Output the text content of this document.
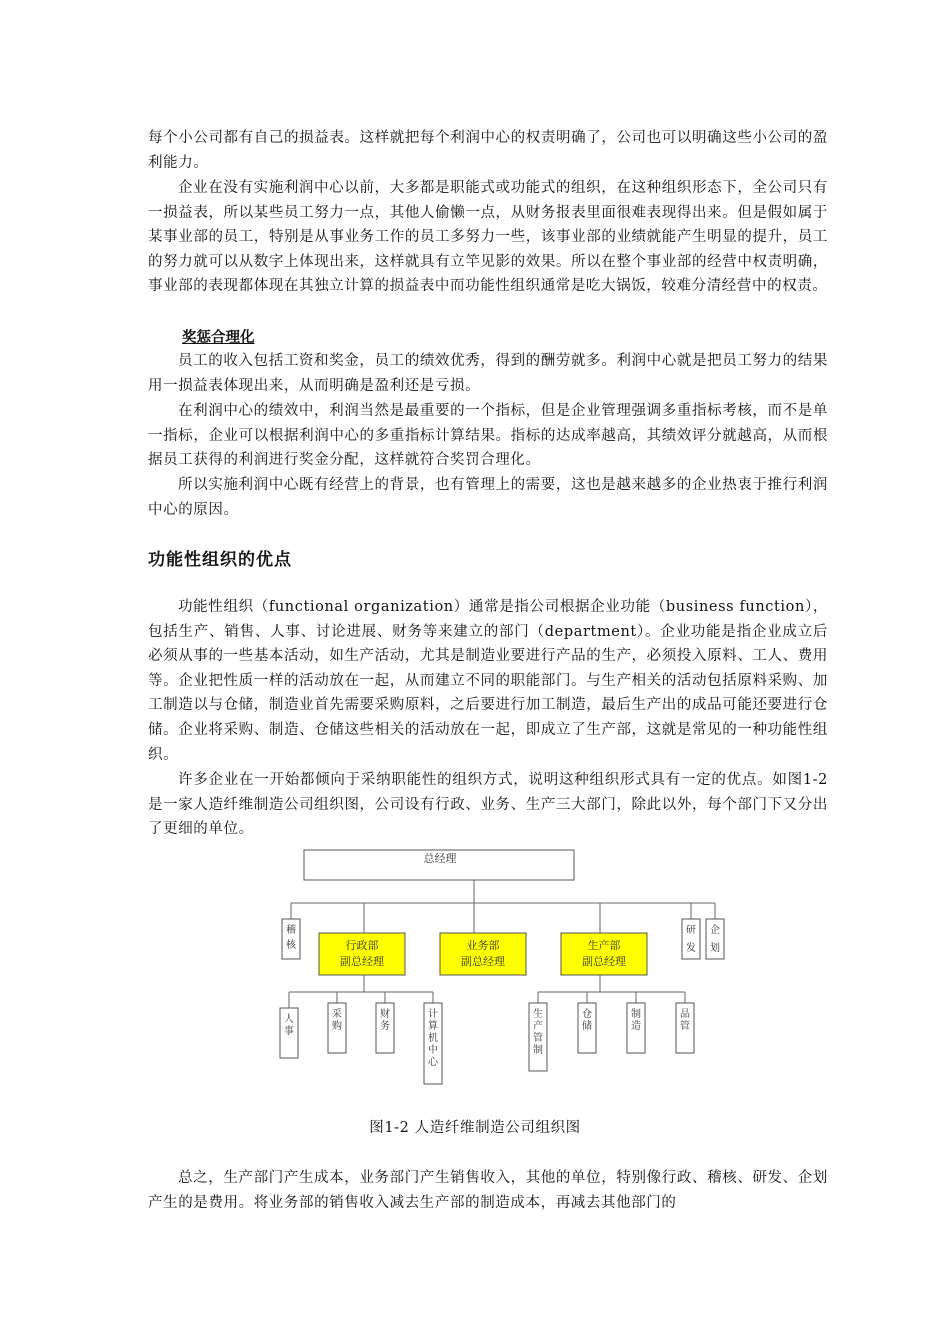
每个小公司都有自己的损益表。这样就把每个利润中心的权责明确了，公司也可以明确这些小公司的盈利能力。

企业在没有实施利润中心以前，大多都是职能式或功能式的组织，在这种组织形态下，全公司只有一损益表，所以某些员工努力一点，其他人偷懒一点，从财务报表里面很难表现得出来。但是假如属于某事业部的员工，特别是从事业务工作的员工多努力一些，该事业部的业绩就能产生明显的提升，员工的努力就可以从数字上体现出来，这样就具有立竿见影的效果。所以在整个事业部的经营中权责明确，事业部的表现都体现在其独立计算的损益表中而功能性组织通常是吃大锅饭，较难分清经营中的权责。

奖惩合理化

员工的收入包括工资和奖金，员工的绩效优秀，得到的酬劳就多。利润中心就是把员工努力的结果用一损益表体现出来，从而明确是盈利还是亏损。

在利润中心的绩效中，利润当然是最重要的一个指标，但是企业管理强调多重指标考核，而不是单一指标，企业可以根据利润中心的多重指标计算结果。指标的达成率越高，其绩效评分就越高，从而根据员工获得的利润进行奖金分配，这样就符合奖罚合理化。

所以实施利润中心既有经营上的背景，也有管理上的需要，这也是越来越多的企业热衷于推行利润中心的原因。

功能性组织的优点

功能性组织（functional organization）通常是指公司根据企业功能（business function），包括生产、销售、人事、讨论进展、财务等来建立的部门（department）。企业功能是指企业成立后必须从事的一些基本活动，如生产活动，尤其是制造业要进行产品的生产，必须投入原料、工人、费用等。企业把性质一样的活动放在一起，从而建立不同的职能部门。与生产相关的活动包括原料采购、加工制造以与仓储，制造业首先需要采购原料，之后要进行加工制造，最后生产出的成品可能还要进行仓储。企业将采购、制造、仓储这些相关的活动放在一起，即成立了生产部，这就是常见的一种功能性组织。

许多企业在一开始都倾向于采纳职能性的组织方式，说明这种组织形式具有一定的优点。如图1-2是一家人造纤维制造公司组织图，公司设有行政、业务、生产三大部门，除此以外，每个部门下又分出了更细的单位。

总经理
稽
核
研
发
企
划
行政部
副总经理
业务部
副总经理
生产部
副总经理
人事
采购
财务
计算机中心
生产管制
仓储
制造
品管
图1-2 人造纤维制造公司组织图

总之，生产部门产生成本，业务部门产生销售收入，其他的单位，特别像行政、稽核、研发、企划产生的是费用。将业务部的销售收入减去生产部的制造成本，再减去其他部门的
